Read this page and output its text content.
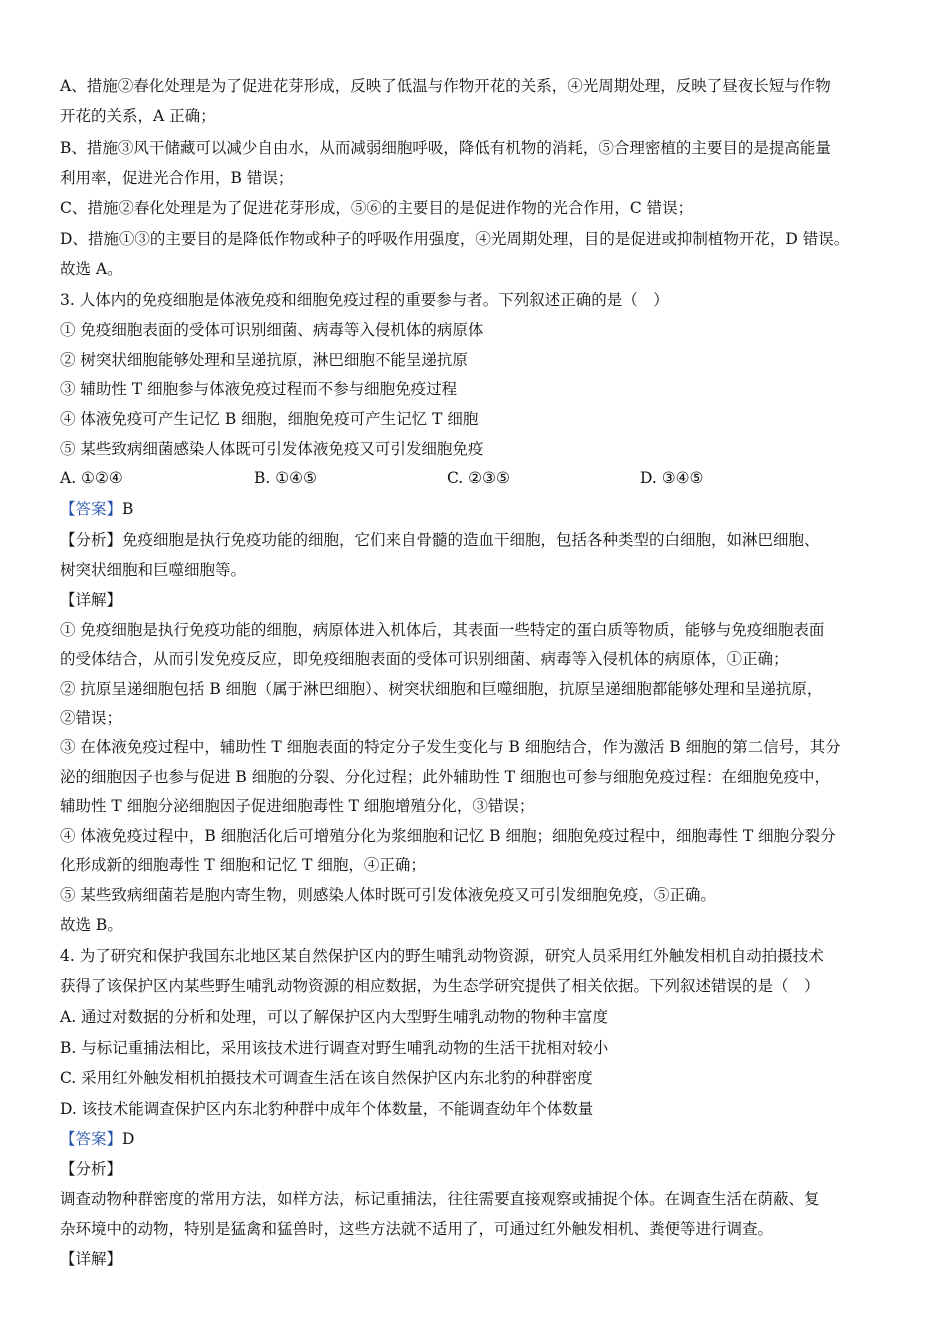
A、措施②春化处理是为了促进花芽形成，反映了低温与作物开花的关系，④光周期处理，反映了昼夜长短与作物
开花的关系，A 正确；
B、措施③风干储藏可以减少自由水，从而减弱细胞呼吸，降低有机物的消耗，⑤合理密植的主要目的是提高能量
利用率，促进光合作用，B 错误；
C、措施②春化处理是为了促进花芽形成，⑤⑥的主要目的是促进作物的光合作用，C 错误；
D、措施①③的主要目的是降低作物或种子的呼吸作用强度，④光周期处理，目的是促进或抑制植物开花，D 错误。
故选 A。
3. 人体内的免疫细胞是体液免疫和细胞免疫过程的重要参与者。下列叙述正确的是（　）
① 免疫细胞表面的受体可识别细菌、病毒等入侵机体的病原体
② 树突状细胞能够处理和呈递抗原，淋巴细胞不能呈递抗原
③ 辅助性 T 细胞参与体液免疫过程而不参与细胞免疫过程
④ 体液免疫可产生记忆 B 细胞，细胞免疫可产生记忆 T 细胞
⑤ 某些致病细菌感染人体既可引发体液免疫又可引发细胞免疫
A. ①②④	B. ①④⑤	C. ②③⑤	D. ③④⑤
【答案】B
【分析】免疫细胞是执行免疫功能的细胞，它们来自骨髓的造血干细胞，包括各种类型的白细胞，如淋巴细胞、
树突状细胞和巨噬细胞等。
【详解】
① 免疫细胞是执行免疫功能的细胞，病原体进入机体后，其表面一些特定的蛋白质等物质，能够与免疫细胞表面
的受体结合，从而引发免疫反应，即免疫细胞表面的受体可识别细菌、病毒等入侵机体的病原体，①正确；
② 抗原呈递细胞包括 B 细胞（属于淋巴细胞）、树突状细胞和巨噬细胞，抗原呈递细胞都能够处理和呈递抗原，
②错误；
③ 在体液免疫过程中，辅助性 T 细胞表面的特定分子发生变化与 B 细胞结合，作为激活 B 细胞的第二信号，其分
泌的细胞因子也参与促进 B 细胞的分裂、分化过程；此外辅助性 T 细胞也可参与细胞免疫过程：在细胞免疫中，
辅助性 T 细胞分泌细胞因子促进细胞毒性 T 细胞增殖分化，③错误；
④ 体液免疫过程中，B 细胞活化后可增殖分化为浆细胞和记忆 B 细胞；细胞免疫过程中，细胞毒性 T 细胞分裂分
化形成新的细胞毒性 T 细胞和记忆 T 细胞，④正确；
⑤ 某些致病细菌若是胞内寄生物，则感染人体时既可引发体液免疫又可引发细胞免疫，⑤正确。
故选 B。
4. 为了研究和保护我国东北地区某自然保护区内的野生哺乳动物资源，研究人员采用红外触发相机自动拍摄技术
获得了该保护区内某些野生哺乳动物资源的相应数据，为生态学研究提供了相关依据。下列叙述错误的是（　）
A. 通过对数据的分析和处理，可以了解保护区内大型野生哺乳动物的物种丰富度
B. 与标记重捕法相比，采用该技术进行调查对野生哺乳动物的生活干扰相对较小
C. 采用红外触发相机拍摄技术可调查生活在该自然保护区内东北豹的种群密度
D. 该技术能调查保护区内东北豹种群中成年个体数量，不能调查幼年个体数量
【答案】D
【分析】
调查动物种群密度的常用方法，如样方法，标记重捕法，往往需要直接观察或捕捉个体。在调查生活在荫蔽、复
杂环境中的动物，特别是猛禽和猛兽时，这些方法就不适用了，可通过红外触发相机、粪便等进行调查。
【详解】
